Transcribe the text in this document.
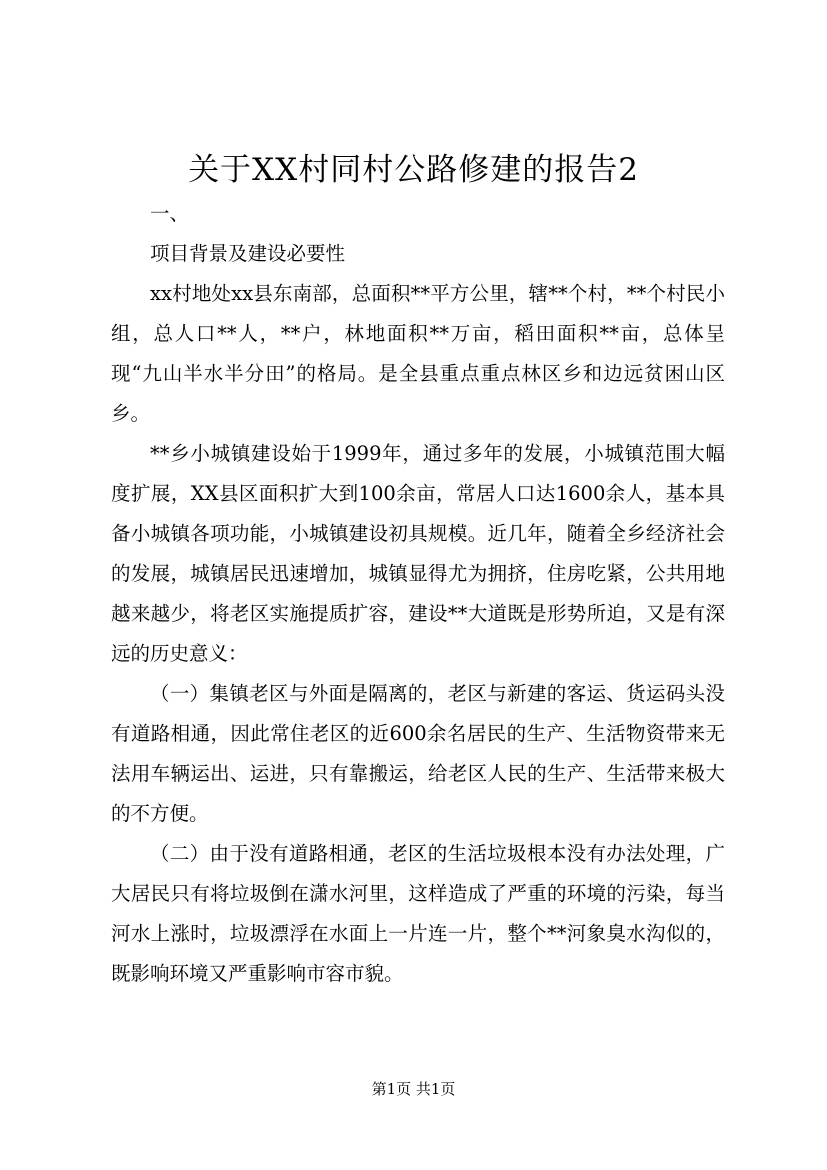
关于XX村同村公路修建的报告2

一、

项目背景及建设必要性

xx村地处xx县东南部，总面积**平方公里，辖**个村，**个村民小组，总人口**人，**户，林地面积**万亩，稻田面积**亩，总体呈现“九山半水半分田”的格局。是全县重点重点林区乡和边远贫困山区乡。

**乡小城镇建设始于1999年，通过多年的发展，小城镇范围大幅度扩展，XX县区面积扩大到100余亩，常居人口达1600余人，基本具备小城镇各项功能，小城镇建设初具规模。近几年，随着全乡经济社会的发展，城镇居民迅速增加，城镇显得尤为拥挤，住房吃紧，公共用地越来越少，将老区实施提质扩容，建设**大道既是形势所迫，又是有深远的历史意义：

（一）集镇老区与外面是隔离的，老区与新建的客运、货运码头没有道路相通，因此常住老区的近600余名居民的生产、生活物资带来无法用车辆运出、运进，只有靠搬运，给老区人民的生产、生活带来极大的不方便。

（二）由于没有道路相通，老区的生活垃圾根本没有办法处理，广大居民只有将垃圾倒在潇水河里，这样造成了严重的环境的污染，每当河水上涨时，垃圾漂浮在水面上一片连一片，整个**河象臭水沟似的，既影响环境又严重影响市容市貌。

第1页 共1页
